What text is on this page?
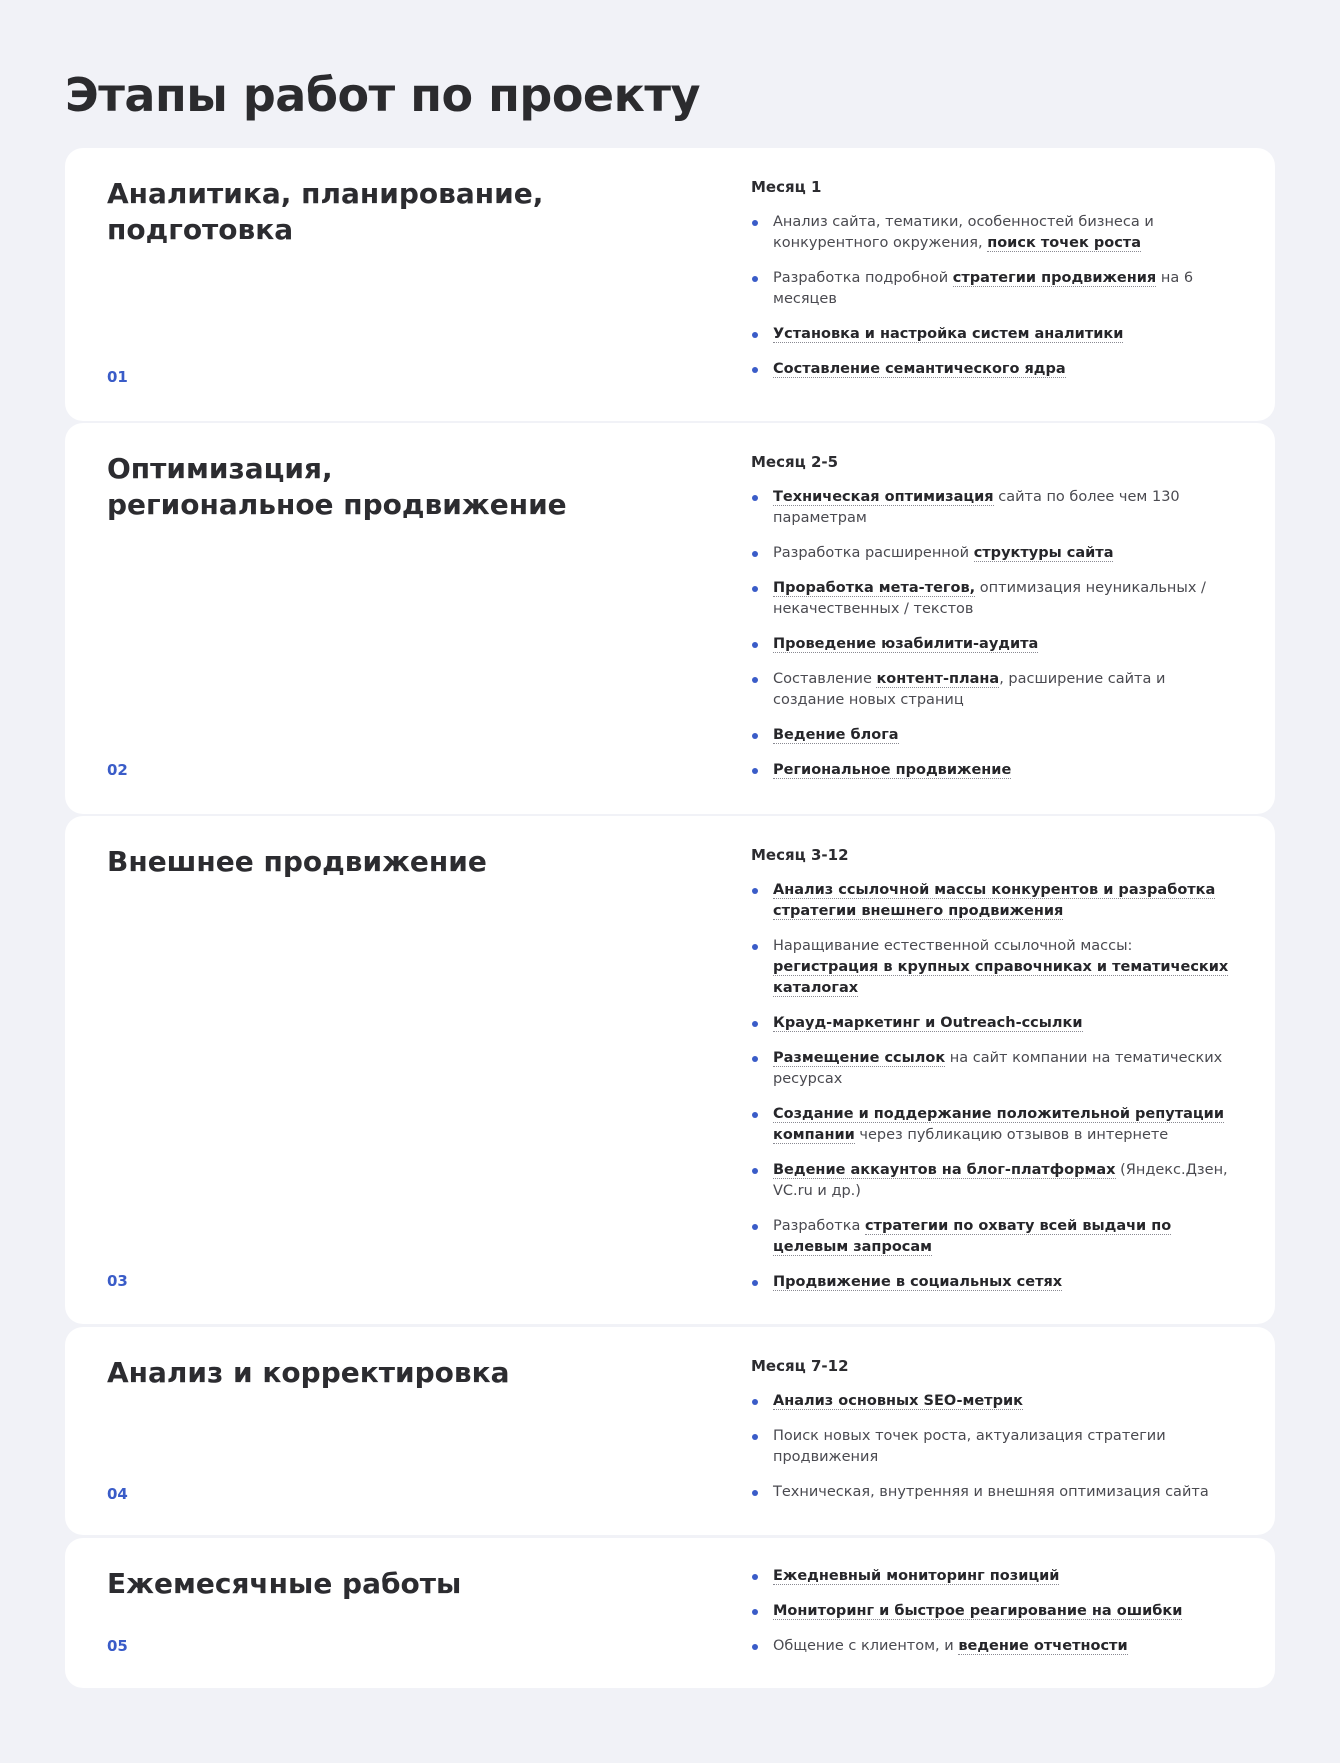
Этапы работ по проекту
Аналитика, планирование,
подготовка
01
Месяц 1
Анализ сайта, тематики, особенностей бизнеса и конкурентного окружения, поиск точек роста
Разработка подробной стратегии продвижения на 6 месяцев
Установка и настройка систем аналитики
Составление семантического ядра
Оптимизация,
региональное продвижение
02
Месяц 2-5
Техническая оптимизация сайта по более чем 130 параметрам
Разработка расширенной структуры сайта
Проработка мета-тегов, оптимизация неуникальных / некачественных / текстов
Проведение юзабилити-аудита
Составление контент-плана, расширение сайта и создание новых страниц
Ведение блога
Региональное продвижение
Внешнее продвижение
03
Месяц 3-12
Анализ ссылочной массы конкурентов и разработка стратегии внешнего продвижения
Наращивание естественной ссылочной массы: регистрация в крупных справочниках и тематических каталогах
Крауд-маркетинг и Outreach-ссылки
Размещение ссылок на сайт компании на тематических ресурсах
Создание и поддержание положительной репутации компании через публикацию отзывов в интернете
Ведение аккаунтов на блог-платформах (Яндекс.Дзен, VC.ru и др.)
Разработка стратегии по охвату всей выдачи по целевым запросам
Продвижение в социальных сетях
Анализ и корректировка
04
Месяц 7-12
Анализ основных SEO-метрик
Поиск новых точек роста, актуализация стратегии продвижения
Техническая, внутренняя и внешняя оптимизация сайта
Ежемесячные работы
05
Ежедневный мониторинг позиций
Мониторинг и быстрое реагирование на ошибки
Общение с клиентом, и ведение отчетности
